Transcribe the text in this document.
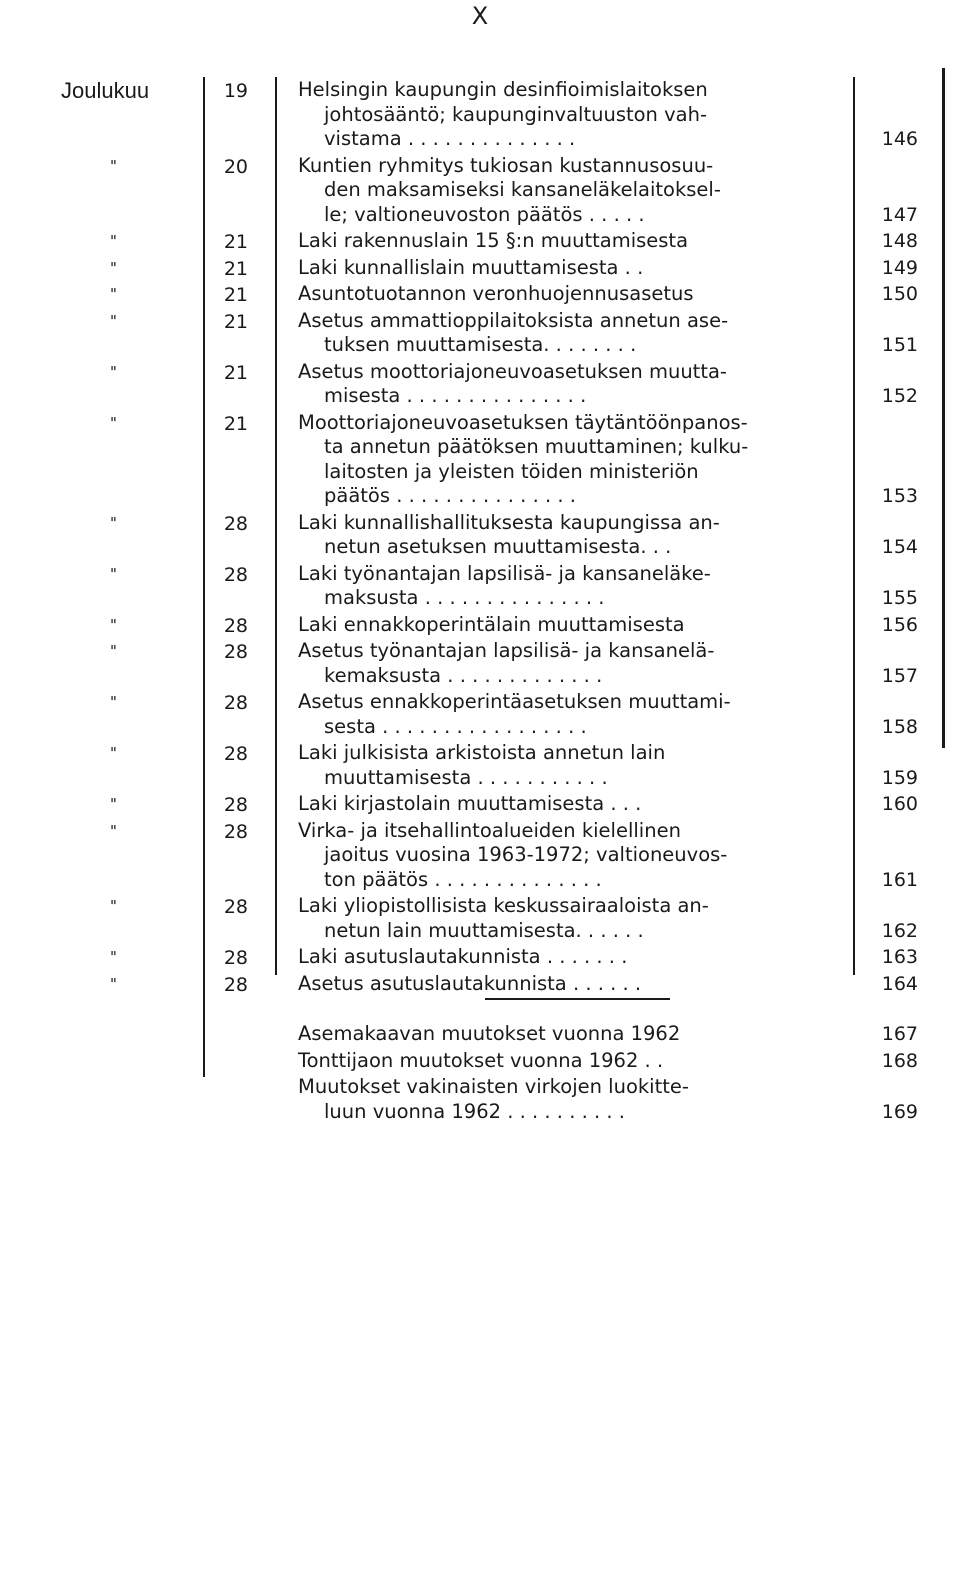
X
Joulukuu	19	Helsingin kaupungin desinfioimislaitoksen
johtosääntö; kaupunginvaltuuston vah-
vistama . . . . . . . . . . . . . .	146
"	20	Kuntien ryhmitys tukiosan kustannusosuu-
den maksamiseksi kansaneläkelaitoksel-
le; valtioneuvoston päätös . . . . .	147
"	21	Laki rakennuslain 15 §:n muuttamisesta	148
"	21	Laki kunnallislain muuttamisesta . .	149
"	21	Asuntotuotannon veronhuojennusasetus	150
"	21	Asetus ammattioppilaitoksista annetun ase-
tuksen muuttamisesta. . . . . . . .	151
"	21	Asetus moottoriajoneuvoasetuksen muutta-
misesta . . . . . . . . . . . . . . .	152
"	21	Moottoriajoneuvoasetuksen täytäntöönpanos-
ta annetun päätöksen muuttaminen; kulku-
laitosten ja yleisten töiden ministeriön
päätös . . . . . . . . . . . . . . .	153
"	28	Laki kunnallishallituksesta kaupungissa an-
netun asetuksen muuttamisesta. . .	154
"	28	Laki työnantajan lapsilisä- ja kansaneläke-
maksusta . . . . . . . . . . . . . . .	155
"	28	Laki ennakkoperintälain muuttamisesta	156
"	28	Asetus työnantajan lapsilisä- ja kansanelä-
kemaksusta . . . . . . . . . . . . .	157
"	28	Asetus ennakkoperintäasetuksen muuttami-
sesta . . . . . . . . . . . . . . . . .	158
"	28	Laki julkisista arkistoista annetun lain
muuttamisesta . . . . . . . . . . .	159
"	28	Laki kirjastolain muuttamisesta . . .	160
"	28	Virka- ja itsehallintoalueiden kielellinen
jaoitus vuosina 1963-1972; valtioneuvos-
ton päätös . . . . . . . . . . . . . .	161
"	28	Laki yliopistollisista keskussairaaloista an-
netun lain muuttamisesta. . . . . .	162
"	28	Laki asutuslautakunnista . . . . . . .	163
"	28	Asetus asutuslautakunnista . . . . . .	164
Asemakaavan muutokset vuonna 1962	167
Tonttijaon muutokset vuonna 1962 . .	168
Muutokset vakinaisten virkojen luokitte-
luun vuonna 1962 . . . . . . . . . .	169
